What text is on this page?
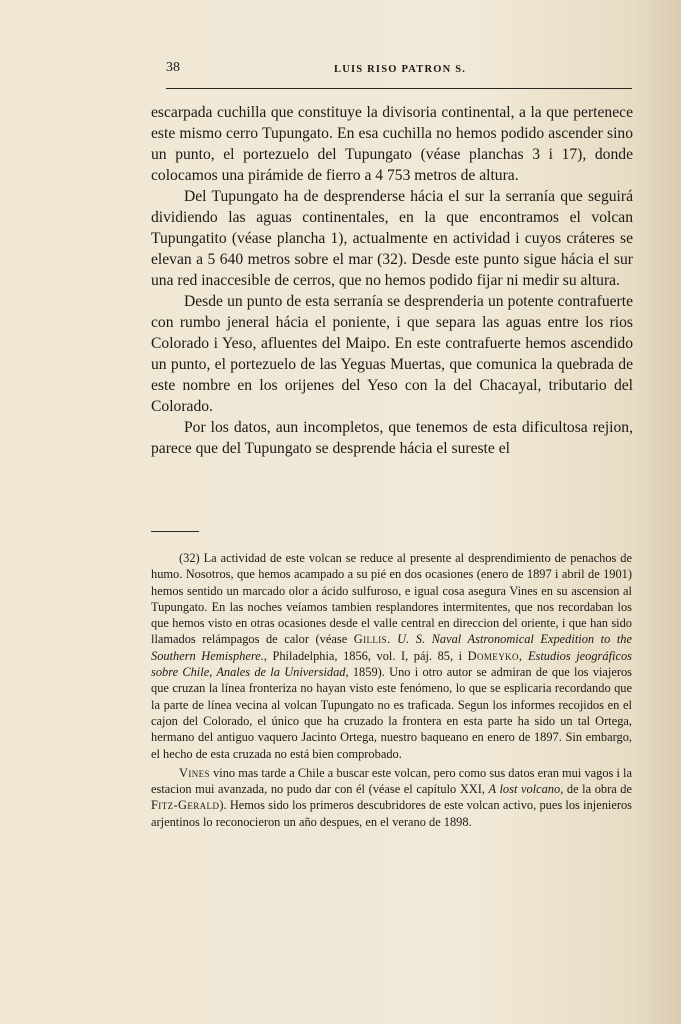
38	LUIS RISO PATRON S.

escarpada cuchilla que constituye la divisoria continental, a la que pertenece este mismo cerro Tupungato. En esa cuchilla no hemos podido ascender sino un punto, el portezuelo del Tupungato (véase planchas 3 i 17), donde colocamos una pirámide de fierro a 4 753 metros de altura.

Del Tupungato ha de desprenderse hácia el sur la serranía que seguirá dividiendo las aguas continentales, en la que encontramos el volcan Tupungatito (véase plancha 1), actualmente en actividad i cuyos cráteres se elevan a 5 640 metros sobre el mar (32). Desde este punto sigue hácia el sur una red inaccesible de cerros, que no hemos podido fijar ni medir su altura.

Desde un punto de esta serranía se desprenderia un potente contrafuerte con rumbo jeneral hácia el poniente, i que separa las aguas entre los rios Colorado i Yeso, afluentes del Maipo. En este contrafuerte hemos ascendido un punto, el portezuelo de las Yeguas Muertas, que comunica la quebrada de este nombre en los orijenes del Yeso con la del Chacayal, tributario del Colorado.

Por los datos, aun incompletos, que tenemos de esta dificultosa rejion, parece que del Tupungato se desprende hácia el sureste el

(32) La actividad de este volcan se reduce al presente al desprendimiento de penachos de humo. Nosotros, que hemos acampado a su pié en dos ocasiones (enero de 1897 i abril de 1901) hemos sentido un marcado olor a ácido sulfuroso, e igual cosa asegura Vines en su ascension al Tupungato. En las noches veíamos tambien resplandores intermitentes, que nos recordaban los que hemos visto en otras ocasiones desde el valle central en direccion del oriente, i que han sido llamados relámpagos de calor (véase Gillis. U. S. Naval Astronomical Expedition to the Southern Hemisphere., Philadelphia, 1856, vol. I, páj. 85, i Domeyko, Estudios jeográficos sobre Chile, Anales de la Universidad, 1859). Uno i otro autor se admiran de que los viajeros que cruzan la línea fronteriza no hayan visto este fenómeno, lo que se esplicaria recordando que la parte de línea vecina al volcan Tupungato no es traficada. Segun los informes recojidos en el cajon del Colorado, el único que ha cruzado la frontera en esta parte ha sido un tal Ortega, hermano del antiguo vaquero Jacinto Ortega, nuestro baqueano en enero de 1897. Sin embargo, el hecho de esta cruzada no está bien comprobado.

Vines vino mas tarde a Chile a buscar este volcan, pero como sus datos eran mui vagos i la estacion mui avanzada, no pudo dar con él (véase el capítulo XXI, A lost volcano, de la obra de Fitz-Gerald). Hemos sido los primeros descubridores de este volcan activo, pues los injenieros arjentinos lo reconocieron un año despues, en el verano de 1898.
